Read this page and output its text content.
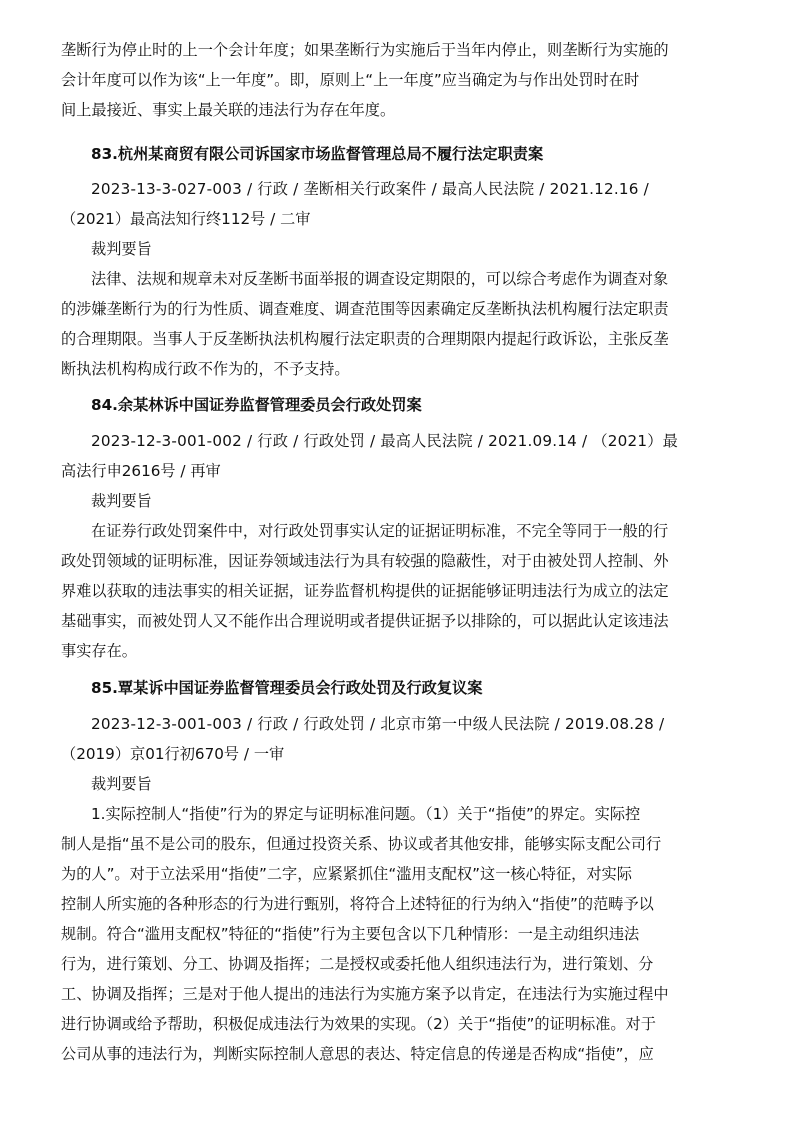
垄断行为停止时的上一个会计年度；如果垄断行为实施后于当年内停止，则垄断行为实施的
会计年度可以作为该“上一年度”。即，原则上“上一年度”应当确定为与作出处罚时在时
间上最接近、事实上最关联的违法行为存在年度。
83.杭州某商贸有限公司诉国家市场监督管理总局不履行法定职责案
2023-13-3-027-003 / 行政 / 垄断相关行政案件 / 最高人民法院 / 2021.12.16 /
（2021）最高法知行终112号 / 二审
裁判要旨
法律、法规和规章未对反垄断书面举报的调查设定期限的，可以综合考虑作为调查对象
的涉嫌垄断行为的行为性质、调查难度、调查范围等因素确定反垄断执法机构履行法定职责
的合理期限。当事人于反垄断执法机构履行法定职责的合理期限内提起行政诉讼，主张反垄
断执法机构构成行政不作为的，不予支持。
84.余某林诉中国证券监督管理委员会行政处罚案
2023-12-3-001-002 / 行政 / 行政处罚 / 最高人民法院 / 2021.09.14 / （2021）最
高法行申2616号 / 再审
裁判要旨
在证券行政处罚案件中，对行政处罚事实认定的证据证明标准，不完全等同于一般的行
政处罚领域的证明标准，因证券领域违法行为具有较强的隐蔽性，对于由被处罚人控制、外
界难以获取的违法事实的相关证据，证券监督机构提供的证据能够证明违法行为成立的法定
基础事实，而被处罚人又不能作出合理说明或者提供证据予以排除的，可以据此认定该违法
事实存在。
85.覃某诉中国证券监督管理委员会行政处罚及行政复议案
2023-12-3-001-003 / 行政 / 行政处罚 / 北京市第一中级人民法院 / 2019.08.28 /
（2019）京01行初670号 / 一审
裁判要旨
1.实际控制人“指使”行为的界定与证明标准问题。（1）关于“指使”的界定。实际控
制人是指“虽不是公司的股东，但通过投资关系、协议或者其他安排，能够实际支配公司行
为的人”。对于立法采用“指使”二字，应紧紧抓住“滥用支配权”这一核心特征，对实际
控制人所实施的各种形态的行为进行甄别，将符合上述特征的行为纳入“指使”的范畴予以
规制。符合“滥用支配权”特征的“指使”行为主要包含以下几种情形：一是主动组织违法
行为，进行策划、分工、协调及指挥；二是授权或委托他人组织违法行为，进行策划、分
工、协调及指挥；三是对于他人提出的违法行为实施方案予以肯定，在违法行为实施过程中
进行协调或给予帮助，积极促成违法行为效果的实现。（2）关于“指使”的证明标准。对于
公司从事的违法行为，判断实际控制人意思的表达、特定信息的传递是否构成“指使”，应
